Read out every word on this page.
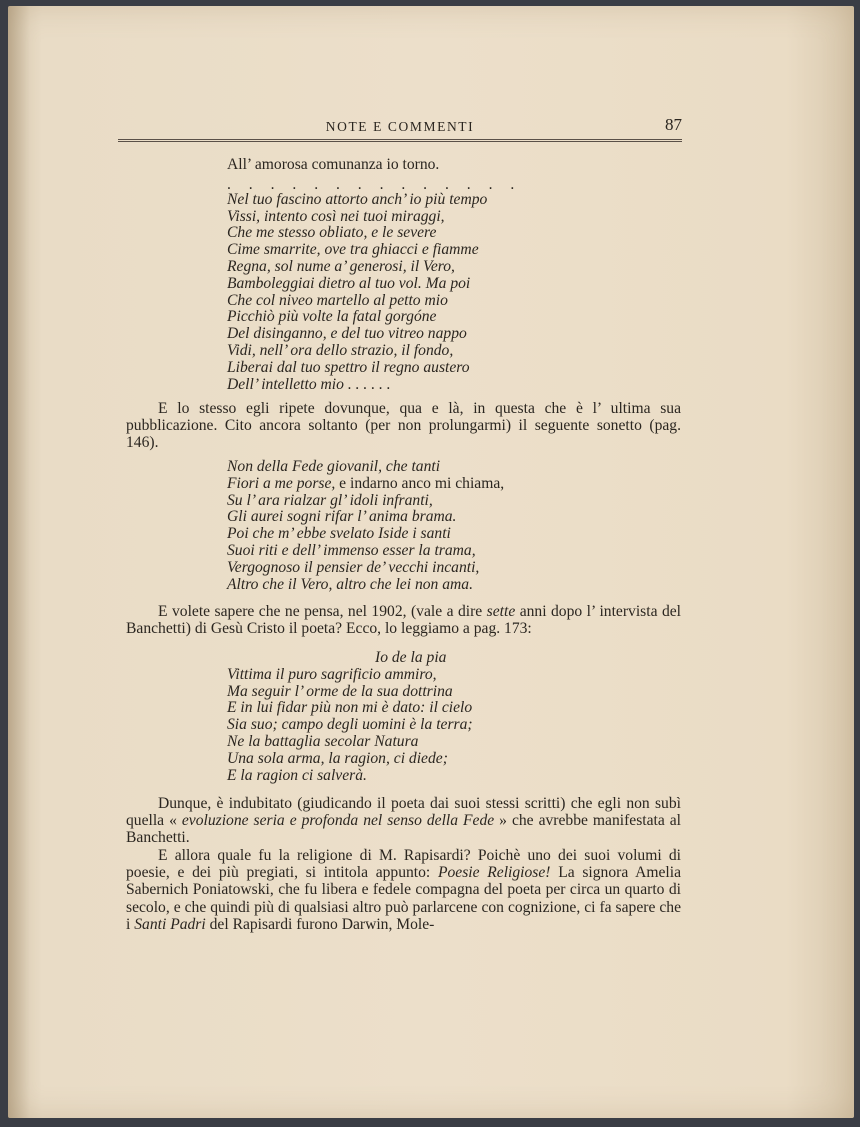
NOTE E COMMENTI	87
All’ amorosa comunanza io torno.
. . . . . . . . . . . . . .
Nel tuo fascino attorto anch’ io più tempo
Vissi, intento così nei tuoi miraggi,
Che me stesso obliato, e le severe
Cime smarrite, ove tra ghiacci e fiamme
Regna, sol nume a’ generosi, il Vero,
Bamboleggiai dietro al tuo vol. Ma poi
Che col niveo martello al petto mio
Picchiò più volte la fatal gorgóne
Del disinganno, e del tuo vitreo nappo
Vidi, nell’ ora dello strazio, il fondo,
Liberai dal tuo spettro il regno austero
Dell’ intelletto mio . . . . . .

E lo stesso egli ripete dovunque, qua e là, in questa che è l’ ultima sua pubblicazione. Cito ancora soltanto (per non prolungarmi) il seguente sonetto (pag. 146).

Non della Fede giovanil, che tanti
Fiori a me porse, e indarno anco mi chiama,
Su l’ ara rialzar gl’ idoli infranti,
Gli aurei sogni rifar l’ anima brama.
Poi che m’ ebbe svelato Iside i santi
Suoi riti e dell’ immenso esser la trama,
Vergognoso il pensier de’ vecchi incanti,
Altro che il Vero, altro che lei non ama.

E volete sapere che ne pensa, nel 1902, (vale a dire sette anni dopo l’ intervista del Banchetti) di Gesù Cristo il poeta? Ecco, lo leggiamo a pag. 173:

Io de la pia
Vittima il puro sagrificio ammiro,
Ma seguir l’ orme de la sua dottrina
E in lui fidar più non mi è dato: il cielo
Sia suo; campo degli uomini è la terra;
Ne la battaglia secolar Natura
Una sola arma, la ragion, ci diede;
E la ragion ci salverà.

Dunque, è indubitato (giudicando il poeta dai suoi stessi scritti) che egli non subì quella « evoluzione seria e profonda nel senso della Fede » che avrebbe manifestata al Banchetti.

E allora quale fu la religione di M. Rapisardi? Poichè uno dei suoi volumi di poesie, e dei più pregiati, si intitola appunto: Poesie Religiose! La signora Amelia Sabernich Poniatowski, che fu libera e fedele compagna del poeta per circa un quarto di secolo, e che quindi più di qualsiasi altro può parlarcene con cognizione, ci fa sapere che i Santi Padri del Rapisardi furono Darwin, Mole-
